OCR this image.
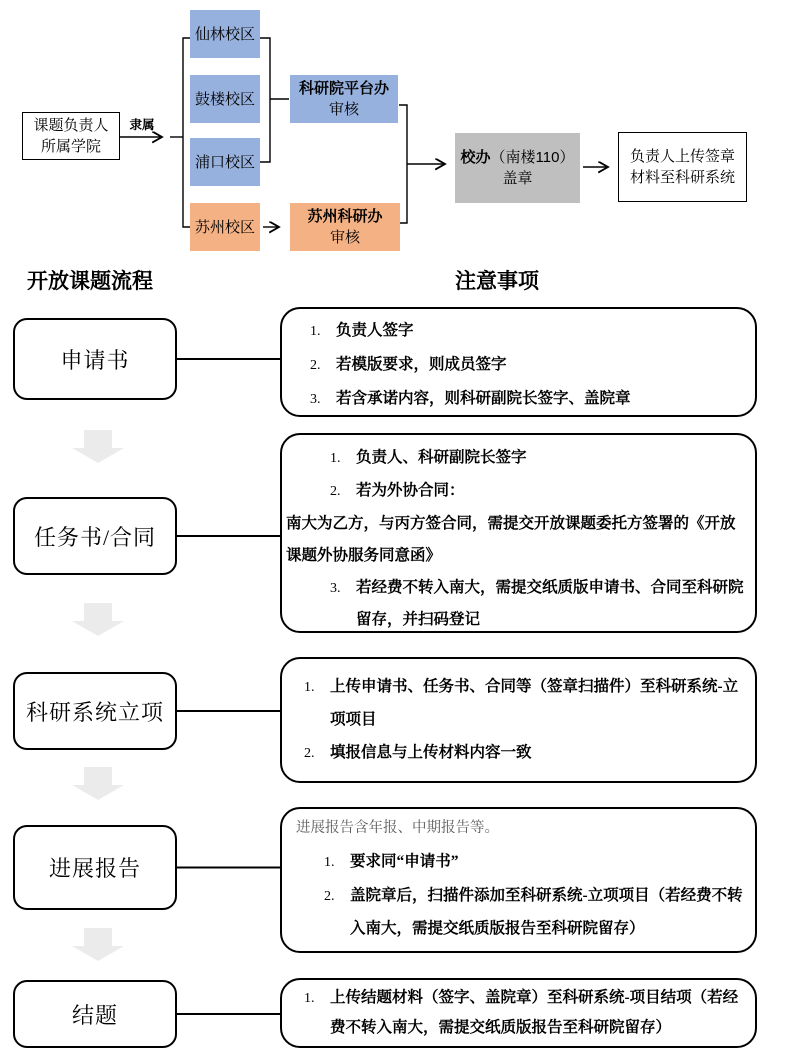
课题负责人
所属学院
隶属
仙林校区
鼓楼校区
浦口校区
苏州校区
科研院平台办
审核
苏州科研办
审核
校办（南楼110）
盖章
负责人上传签章
材料至科研系统
开放课题流程	注意事项
申请书
1.	负责人签字
2.	若模版要求，则成员签字
3.	若含承诺内容，则科研副院长签字、盖院章
任务书/合同
1.	负责人、科研副院长签字
2.	若为外协合同：
南大为乙方，与丙方签合同，需提交开放课题委托方签署的《开放课题外协服务同意函》
3.	若经费不转入南大，需提交纸质版申请书、合同至科研院留存，并扫码登记
科研系统立项
1.	上传申请书、任务书、合同等（签章扫描件）至科研系统-立项项目
2.	填报信息与上传材料内容一致
进展报告
进展报告含年报、中期报告等。
1.	要求同“申请书”
2.	盖院章后，扫描件添加至科研系统-立项项目（若经费不转入南大，需提交纸质版报告至科研院留存）
结题
1.	上传结题材料（签字、盖院章）至科研系统-项目结项（若经费不转入南大，需提交纸质版报告至科研院留存）
